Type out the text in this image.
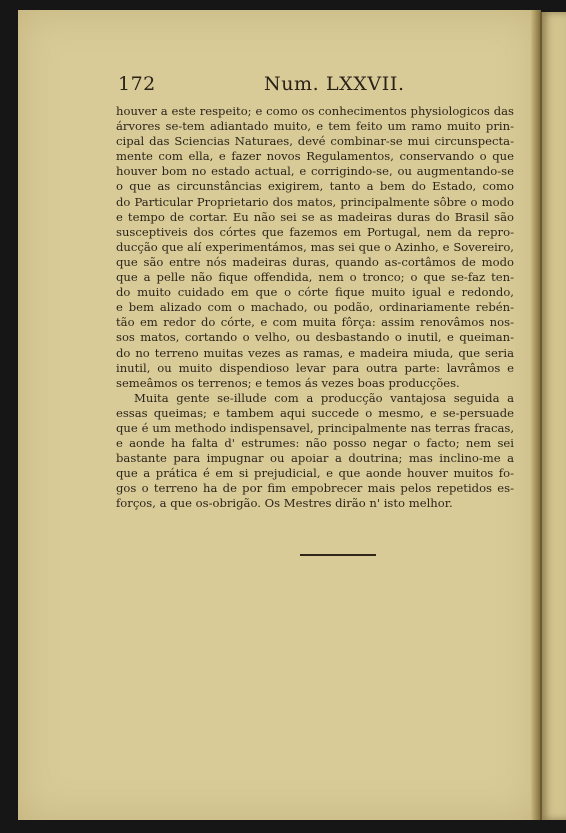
172	Num. LXXVII.
houver a este respeito; e como os conhecimentos physiologicos das
árvores se-tem adiantado muito, e tem feito um ramo muito prin-
cipal das Sciencias Naturaes, devé combinar-se mui circunspecta-
mente com ella, e fazer novos Regulamentos, conservando o que
houver bom no estado actual, e corrigindo-se, ou augmentando-se
o que as circunstâncias exigirem, tanto a bem do Estado, como
do Particular Proprietario dos matos, principalmente sôbre o modo
e tempo de cortar. Eu não sei se as madeiras duras do Brasil são
susceptiveis dos córtes que fazemos em Portugal, nem da repro-
ducção que alí experimentámos, mas sei que o Azinho, e Sovereiro,
que são entre nós madeiras duras, quando as-cortâmos de modo
que a pelle não fique offendida, nem o tronco; o que se-faz ten-
do muito cuidado em que o córte fique muito igual e redondo,
e bem alizado com o machado, ou podão, ordinariamente rebén-
tão em redor do córte, e com muita fôrça: assim renovâmos nos-
sos matos, cortando o velho, ou desbastando o inutil, e queiman-
do no terreno muitas vezes as ramas, e madeira miuda, que seria
inutil, ou muito dispendioso levar para outra parte: lavrâmos e
semeâmos os terrenos; e temos ás vezes boas producções.
Muita gente se-illude com a producção vantajosa seguida a
essas queimas; e tambem aqui succede o mesmo, e se-persuade
que é um methodo indispensavel, principalmente nas terras fracas,
e aonde ha falta d' estrumes: não posso negar o facto; nem sei
bastante para impugnar ou apoiar a doutrina; mas inclino-me a
que a prática é em si prejudicial, e que aonde houver muitos fo-
gos o terreno ha de por fim empobrecer mais pelos repetidos es-
forços, a que os-obrigão. Os Mestres dirão n' isto melhor.
